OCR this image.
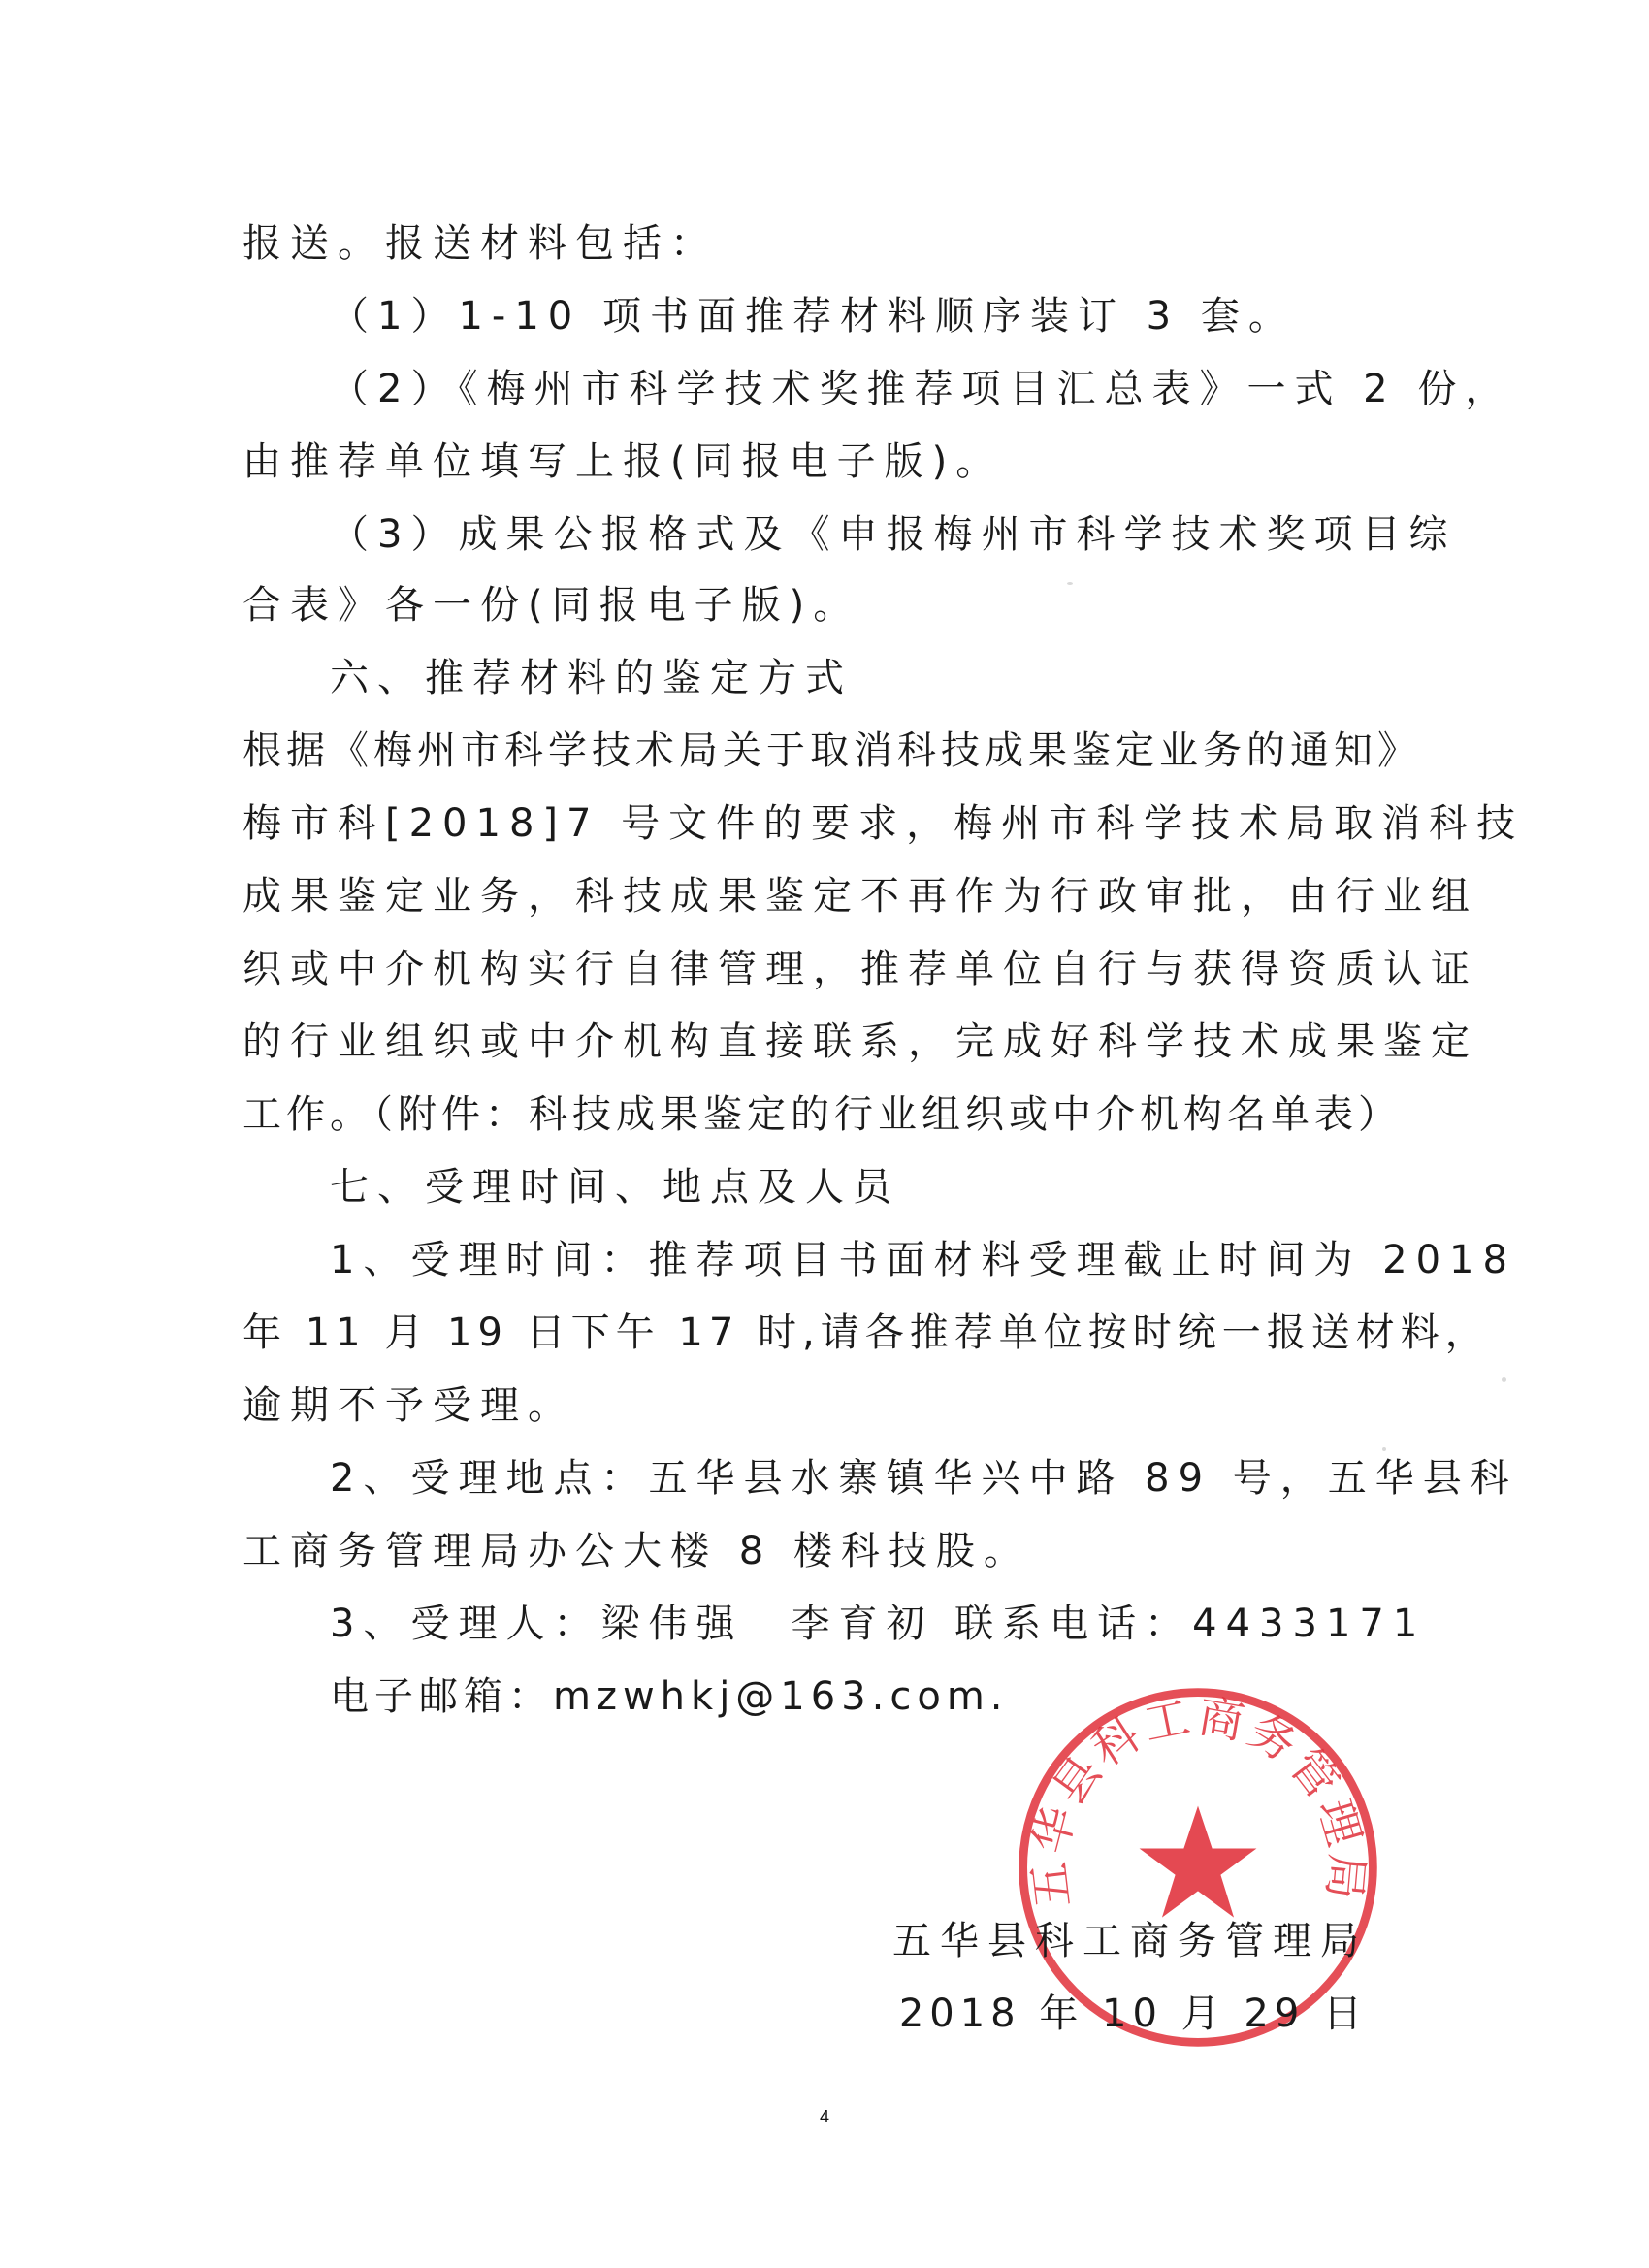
报送。报送材料包括：
（1）1-10 项书面推荐材料顺序装订 3 套。
（2）《梅州市科学技术奖推荐项目汇总表》一式 2 份，
由推荐单位填写上报(同报电子版)。
（3）成果公报格式及《申报梅州市科学技术奖项目综
合表》各一份(同报电子版)。
六、推荐材料的鉴定方式
根据《梅州市科学技术局关于取消科技成果鉴定业务的通知》
梅市科[2018]7 号文件的要求，梅州市科学技术局取消科技
成果鉴定业务，科技成果鉴定不再作为行政审批，由行业组
织或中介机构实行自律管理，推荐单位自行与获得资质认证
的行业组织或中介机构直接联系，完成好科学技术成果鉴定
工作。（附件：科技成果鉴定的行业组织或中介机构名单表）
七、受理时间、地点及人员
1、受理时间：推荐项目书面材料受理截止时间为 2018
年 11 月 19 日下午 17 时,请各推荐单位按时统一报送材料，
逾期不予受理。
2、受理地点：五华县水寨镇华兴中路 89 号，五华县科
工商务管理局办公大楼 8 楼科技股。
3、受理人：梁伟强　李育初 联系电话：4433171
电子邮箱：mzwhkj@163.com.
五华县科工商务管理局
五华县科工商务管理局
2018 年 10 月 29 日
4
